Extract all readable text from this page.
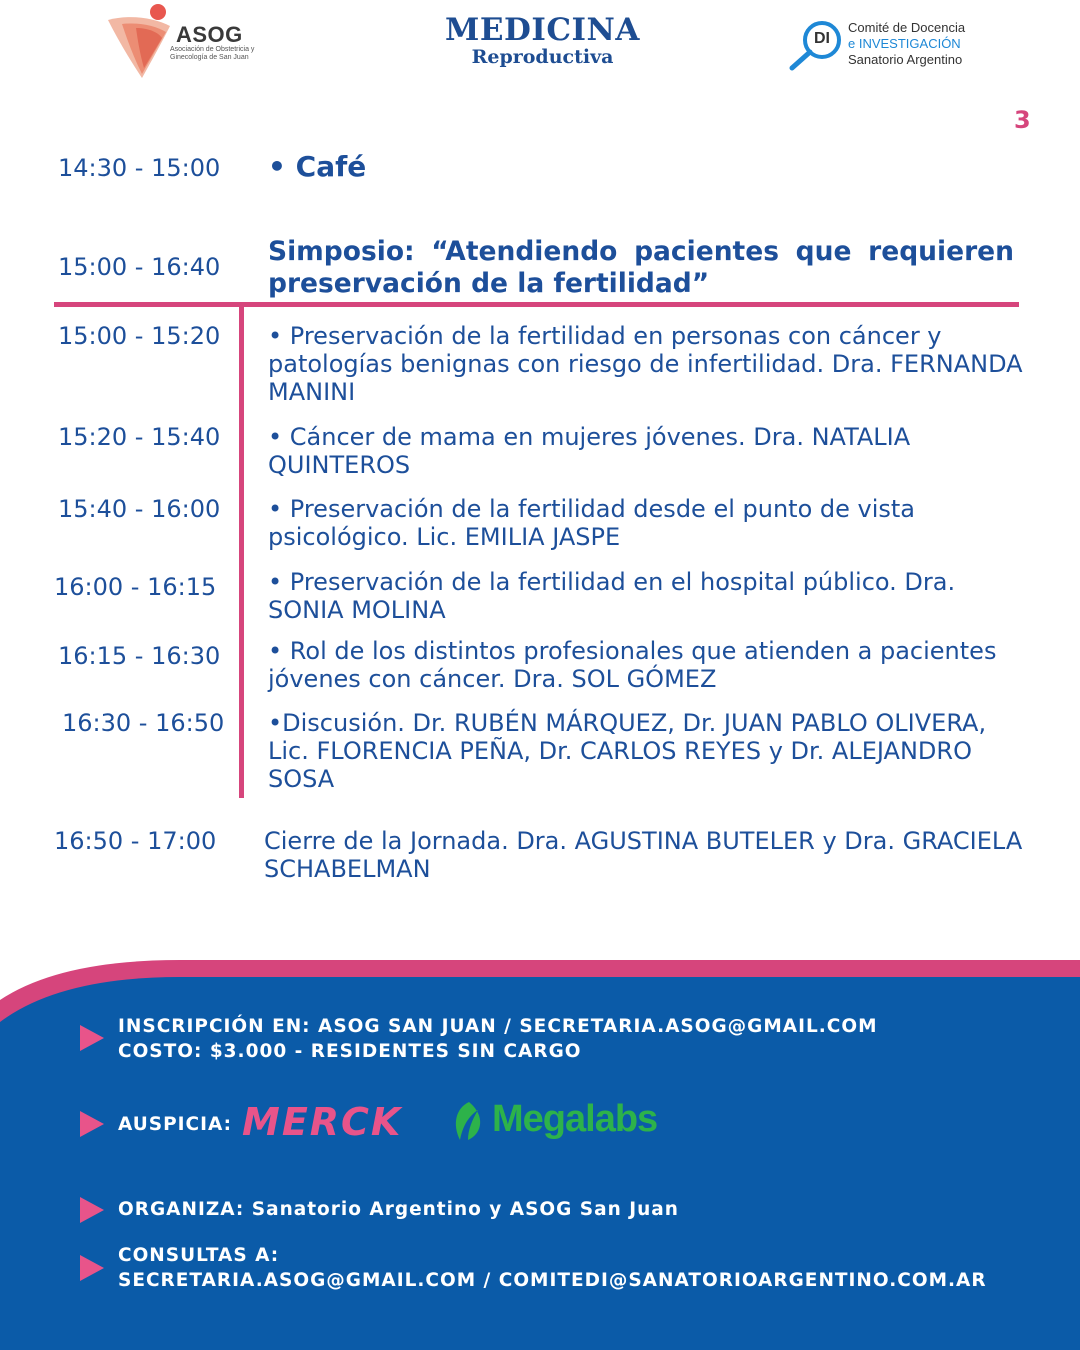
ASOG
Asociación de Obstetricia y Ginecología de San Juan
MEDICINA
Reproductiva
DI
Comité de Docencia
e INVESTIGACIÓN
Sanatorio Argentino
3
14:30 - 15:00 • Café
15:00 - 16:40 Simposio: “Atendiendo pacientes que requieren preservación de la fertilidad”
15:00 - 15:20 • Preservación de la fertilidad en personas con cáncer y patologías benignas con riesgo de infertilidad. Dra. FERNANDA MANINI
15:20 - 15:40 • Cáncer de mama en mujeres jóvenes. Dra. NATALIA QUINTEROS
15:40 - 16:00 • Preservación de la fertilidad desde el punto de vista psicológico. Lic. EMILIA JASPE
16:00 - 16:15 • Preservación de la fertilidad en el hospital público. Dra. SONIA MOLINA
16:15 - 16:30 • Rol de los distintos profesionales que atienden a pacientes jóvenes con cáncer. Dra. SOL GÓMEZ
16:30 - 16:50 •Discusión. Dr. RUBÉN MÁRQUEZ, Dr. JUAN PABLO OLIVERA, Lic. FLORENCIA PEÑA, Dr. CARLOS REYES y Dr. ALEJANDRO SOSA
16:50 - 17:00 Cierre de la Jornada. Dra. AGUSTINA BUTELER y Dra. GRACIELA SCHABELMAN
INSCRIPCIÓN EN: ASOG SAN JUAN / SECRETARIA.ASOG@GMAIL.COM
COSTO: $3.000 - RESIDENTES SIN CARGO
AUSPICIA: MERCK Megalabs
ORGANIZA: Sanatorio Argentino y ASOG San Juan
CONSULTAS A:
SECRETARIA.ASOG@GMAIL.COM / COMITEDI@SANATORIOARGENTINO.COM.AR
